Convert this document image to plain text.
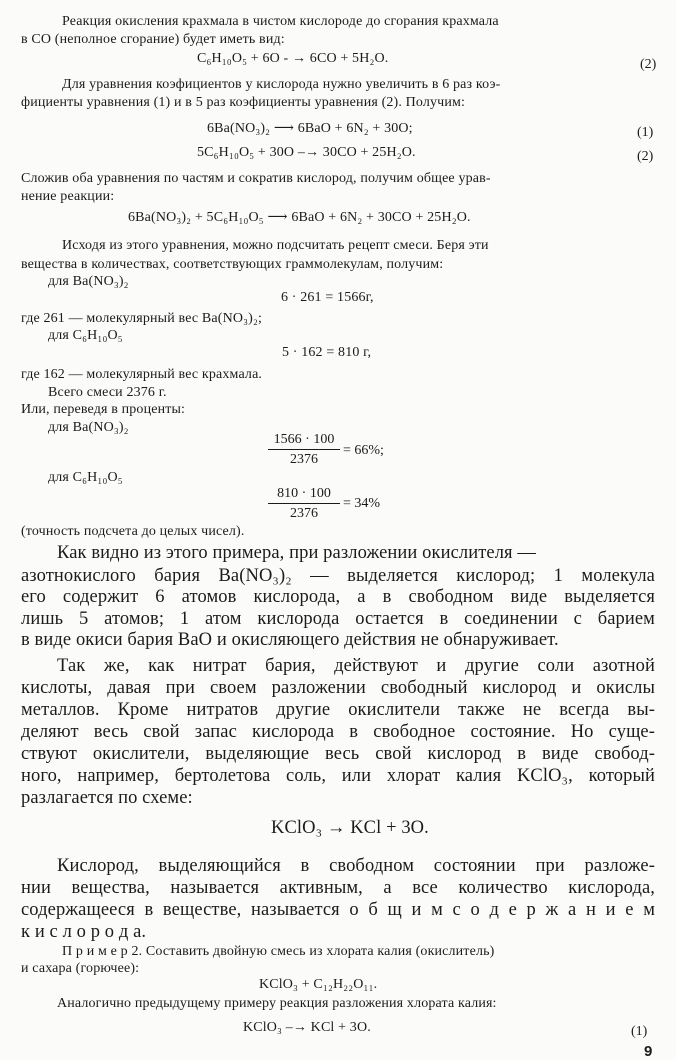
Реакция окисления крахмала в чистом кислороде до сгорания крахмала

в СО (неполное сгорание) будет иметь вид:

C₆H₁₀O₅ + 6O - → 6CO + 5H₂O.	(2)

Для уравнения коэфициентов у кислорода нужно увеличить в 6 раз коэ-

фициенты уравнения (1) и в 5 раз коэфициенты уравнения (2). Получим:

6Ba(NO₃)₂ ⟶ 6BaO + 6N₂ + 30O;	(1)

5C₆H₁₀O₅ + 30O –→ 30CO + 25H₂O.	(2)

Сложив оба уравнения по частям и сократив кислород, получим общее урав-

нение реакции:

6Ba(NO₃)₂ + 5C₆H₁₀O₅ ⟶ 6BaO + 6N₂ + 30CO + 25H₂O.

Исходя из этого уравнения, можно подсчитать рецепт смеси. Беря эти

вещества в количествах, соответствующих граммолекулам, получим:

для Ba(NO₃)₂

6 · 261 = 1566г,

где 261 — молекулярный вес Ba(NO₃)₂;

для C₆H₁₀O₅

5 · 162 = 810 г,

где 162 — молекулярный вес крахмала.

Всего смеси 2376 г.

Или, переведя в проценты:

для Ba(NO₃)₂

$\frac{1566 \cdot 100}{2376} = 66\%$;

для C₆H₁₀O₅

$\frac{810 \cdot 100}{2376} = 34\%$

(точность подсчета до целых чисел).

Как видно из этого примера, при разложении окислителя —

азотнокислого бария Ba(NO₃)₂ — выделяется кислород; 1 молекула

его содержит 6 атомов кислорода, а в свободном виде выделяется

лишь 5 атомов; 1 атом кислорода остается в соединении с барием

в виде окиси бария BaO и окисляющего действия не обнаруживает.

Так же, как нитрат бария, действуют и другие соли азотной

кислоты, давая при своем разложении свободный кислород и окислы

металлов. Кроме нитратов другие окислители также не всегда вы-

деляют весь свой запас кислорода в свободное состояние. Но суще-

ствуют окислители, выделяющие весь свой кислород в виде свобод-

ного, например, бертолетова соль, или хлорат калия KClO₃, который

разлагается по схеме:

KClO₃ → KCl + 3O.

Кислород, выделяющийся в свободном состоянии при разложе-

нии вещества, называется активным, а все количество кислорода,

содержащееся в веществе, называется о б щ и м с о д е р ж а н и е м

к и с л о р о д а.

П р и м е р 2. Составить двойную смесь из хлората калия (окислитель)

и сахара (горючее):

KClO₃ + C₁₂H₂₂O₁₁.

Аналогично предыдущему примеру реакция разложения хлората калия:

KClO₃ –→ KCl + 3O.	(1)
9
